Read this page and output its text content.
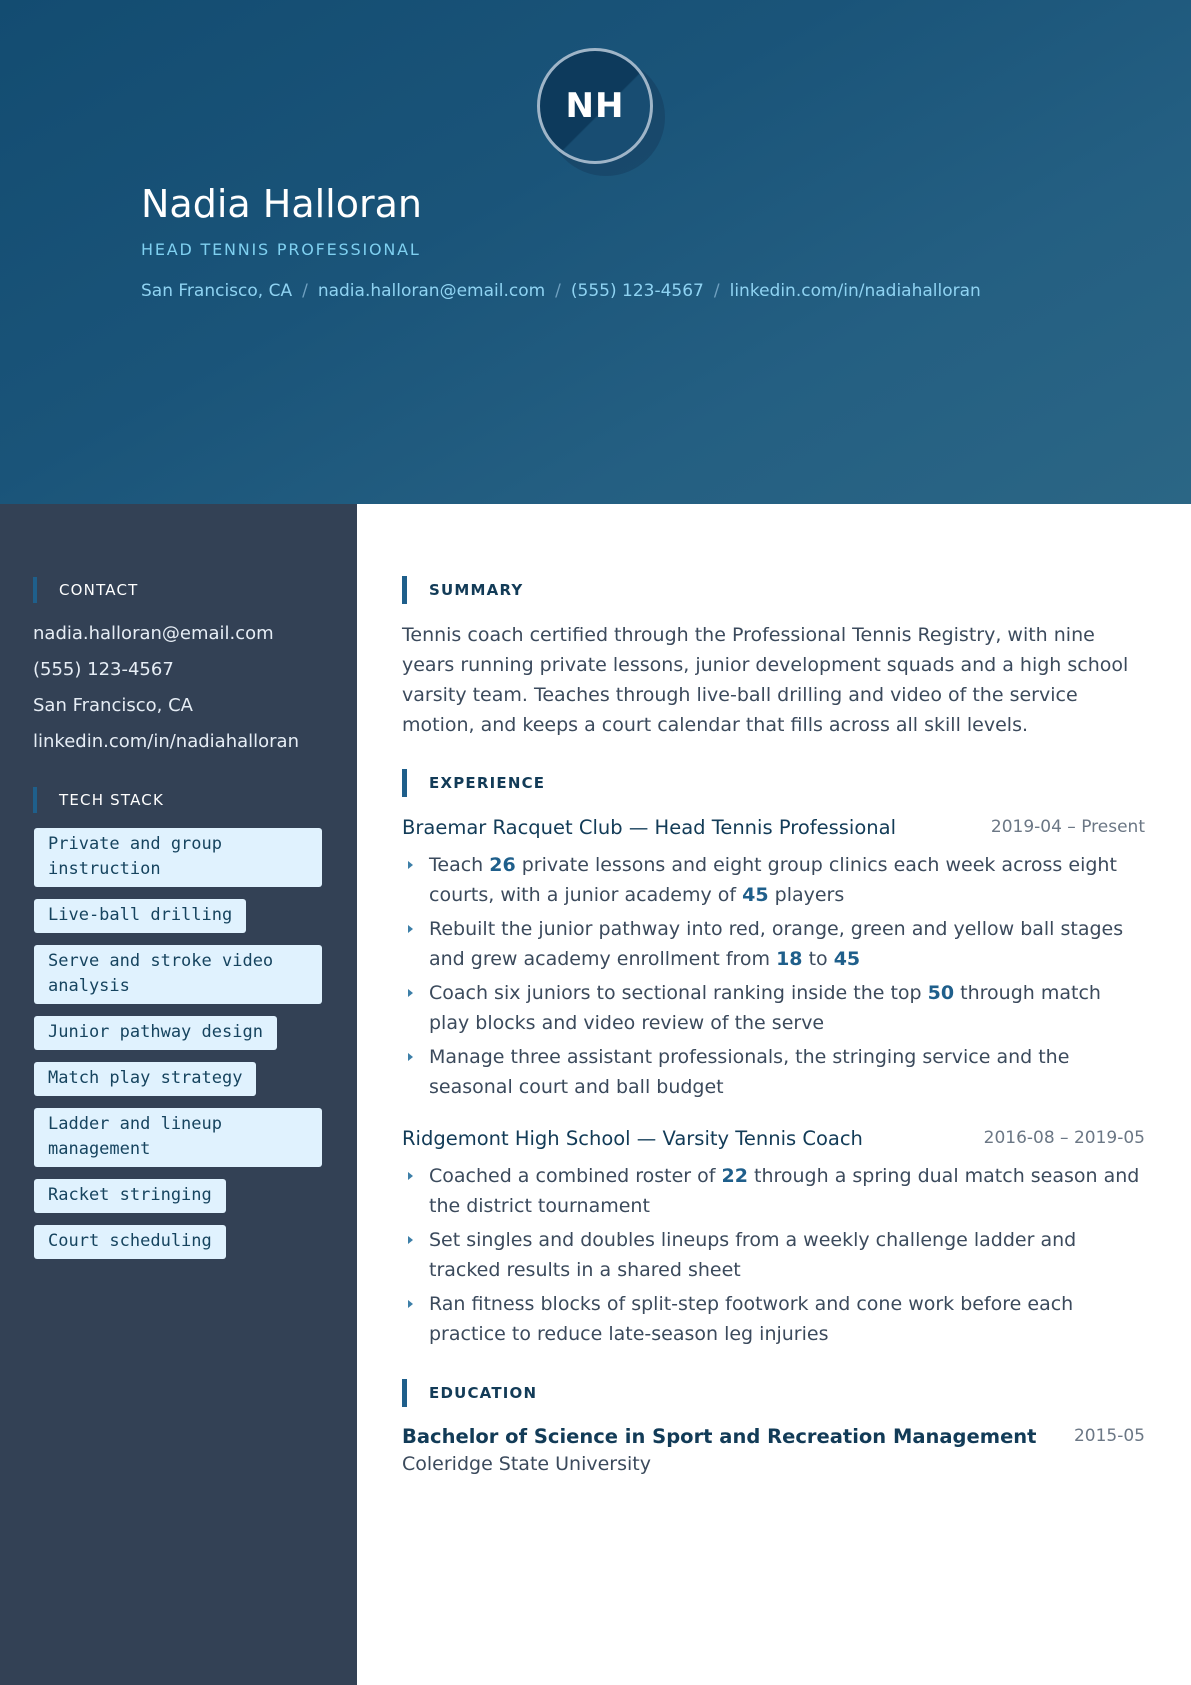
NH
Nadia Halloran
HEAD TENNIS PROFESSIONAL
San Francisco, CA / nadia.halloran@email.com / (555) 123-4567 / linkedin.com/in/nadiahalloran
CONTACT
nadia.halloran@email.com
(555) 123-4567
San Francisco, CA
linkedin.com/in/nadiahalloran
TECH STACK
Private and group instruction
Live-ball drilling
Serve and stroke video analysis
Junior pathway design
Match play strategy
Ladder and lineup management
Racket stringing
Court scheduling
SUMMARY

Tennis coach certified through the Professional Tennis Registry, with nine years running private lessons, junior development squads and a high school varsity team. Teaches through live-ball drilling and video of the service motion, and keeps a court calendar that fills across all skill levels.

EXPERIENCE
Braemar Racquet Club — Head Tennis Professional	2019-04 – Present
Teach 26 private lessons and eight group clinics each week across eight courts, with a junior academy of 45 players
Rebuilt the junior pathway into red, orange, green and yellow ball stages and grew academy enrollment from 18 to 45
Coach six juniors to sectional ranking inside the top 50 through match play blocks and video review of the serve
Manage three assistant professionals, the stringing service and the seasonal court and ball budget
Ridgemont High School — Varsity Tennis Coach	2016-08 – 2019-05
Coached a combined roster of 22 through a spring dual match season and the district tournament
Set singles and doubles lineups from a weekly challenge ladder and tracked results in a shared sheet
Ran fitness blocks of split-step footwork and cone work before each practice to reduce late-season leg injuries
EDUCATION
Bachelor of Science in Sport and Recreation Management 2015-05
Coleridge State University
